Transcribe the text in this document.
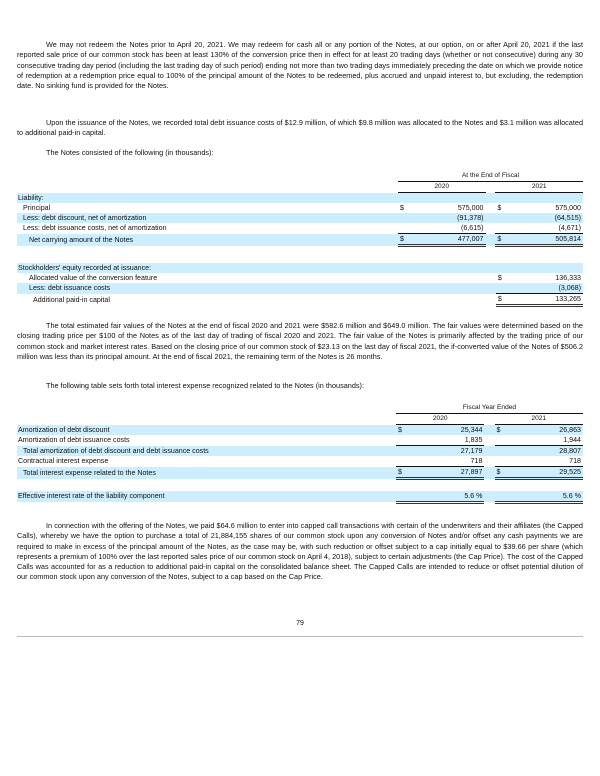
We may not redeem the Notes prior to April 20, 2021. We may redeem for cash all or any portion of the Notes, at our option, on or after April 20, 2021 if the last reported sale price of our common stock has been at least 130% of the conversion price then in effect for at least 20 trading days (whether or not consecutive) during any 30 consecutive trading day period (including the last trading day of such period) ending not more than two trading days immediately preceding the date on which we provide notice of redemption at a redemption price equal to 100% of the principal amount of the Notes to be redeemed, plus accrued and unpaid interest to, but excluding, the redemption date. No sinking fund is provided for the Notes.

Upon the issuance of the Notes, we recorded total debt issuance costs of $12.9 million, of which $9.8 million was allocated to the Notes and $3.1 million was allocated to additional paid-in capital.

The Notes consisted of the following (in thousands):

	At the End of Fiscal				
	2020			2021	
Liability:					
Principal	$	575,000		$	575,000
Less: debt discount, net of amortization		(91,378)			(64,515)
Less: debt issuance costs, net of amortization		(6,615)			(4,671)
Net carrying amount of the Notes	$	477,007		$	505,814
Stockholders' equity recorded at issuance:					
Allocated value of the conversion feature				$	136,333
Less: debt issuance costs					(3,068)
Additional paid-in capital				$	133,265

The total estimated fair values of the Notes at the end of fiscal 2020 and 2021 were $582.6 million and $649.0 million. The fair values were determined based on the closing trading price per $100 of the Notes as of the last day of trading of fiscal 2020 and 2021. The fair value of the Notes is primarily affected by the trading price of our common stock and market interest rates. Based on the closing price of our common stock of $23.13 on the last day of fiscal 2021, the if-converted value of the Notes of $506.2 million was less than its principal amount. At the end of fiscal 2021, the remaining term of the Notes is 26 months.

The following table sets forth total interest expense recognized related to the Notes (in thousands):

	Fiscal Year Ended				
	2020			2021	
Amortization of debt discount	$	25,344		$	26,863
Amortization of debt issuance costs		1,835			1,944
Total amortization of debt discount and debt issuance costs		27,179			28,807
Contractual interest expense		718			718
Total interest expense related to the Notes	$	27,897		$	29,525

Effective interest rate of the liability component		5.6 %			5.6 %

In connection with the offering of the Notes, we paid $64.6 million to enter into capped call transactions with certain of the underwriters and their affiliates (the Capped Calls), whereby we have the option to purchase a total of 21,884,155 shares of our common stock upon any conversion of Notes and/or offset any cash payments we are required to make in excess of the principal amount of the Notes, as the case may be, with such reduction or offset subject to a cap initially equal to $39.66 per share (which represents a premium of 100% over the last reported sales price of our common stock on April 4, 2018), subject to certain adjustments (the Cap Price). The cost of the Capped Calls was accounted for as a reduction to additional paid-in capital on the consolidated balance sheet. The Capped Calls are intended to reduce or offset potential dilution of our common stock upon any conversion of the Notes, subject to a cap based on the Cap Price.

79
